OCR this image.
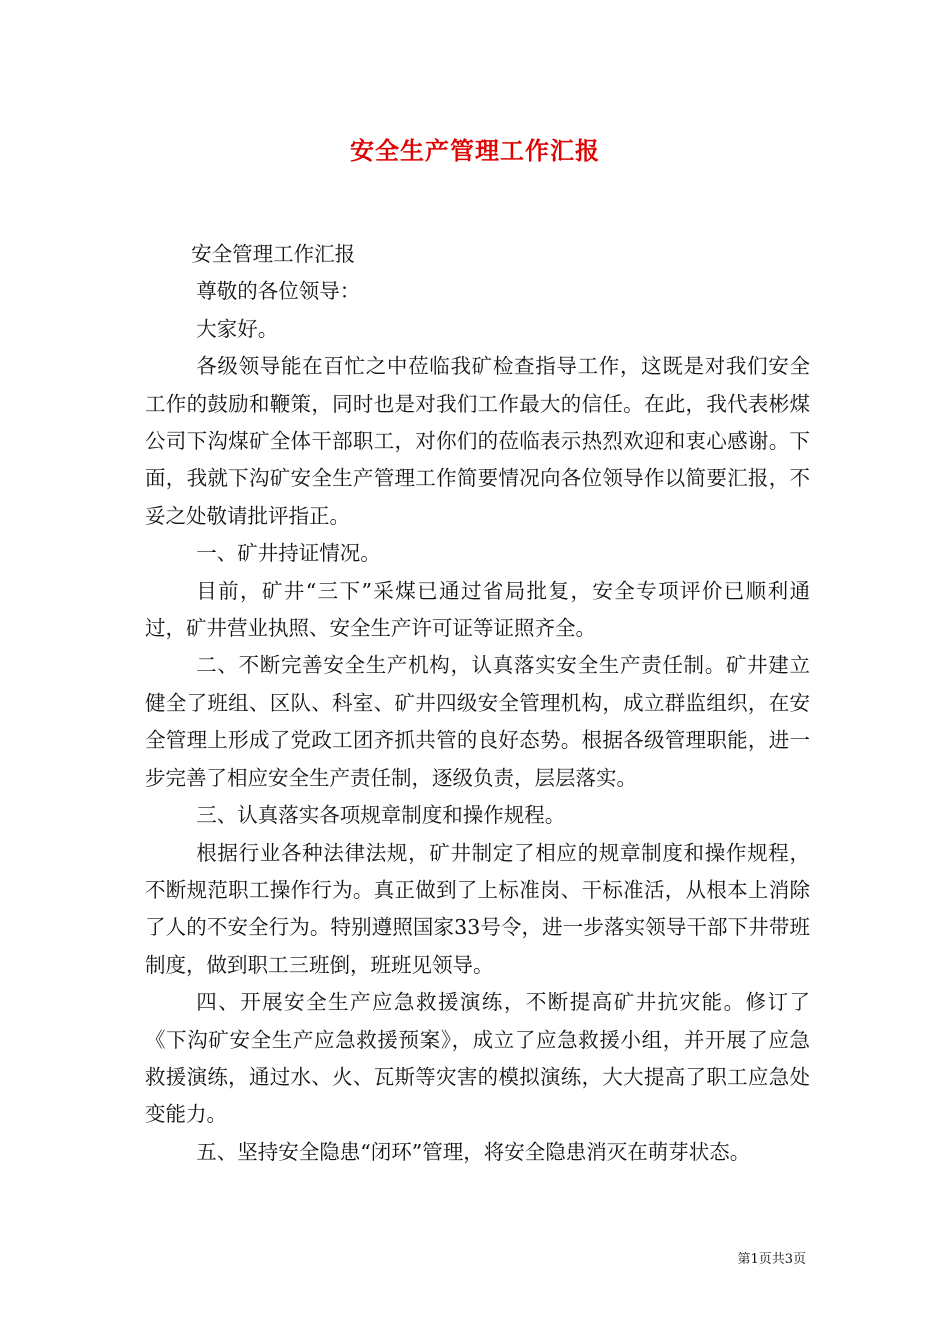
安全生产管理工作汇报

安全管理工作汇报

尊敬的各位领导：

大家好。

各级领导能在百忙之中莅临我矿检查指导工作，这既是对我们安全工作的鼓励和鞭策，同时也是对我们工作最大的信任。在此，我代表彬煤公司下沟煤矿全体干部职工，对你们的莅临表示热烈欢迎和衷心感谢。下面，我就下沟矿安全生产管理工作简要情况向各位领导作以简要汇报，不妥之处敬请批评指正。

一、矿井持证情况。

目前，矿井“三下”采煤已通过省局批复，安全专项评价已顺利通过，矿井营业执照、安全生产许可证等证照齐全。

二、不断完善安全生产机构，认真落实安全生产责任制。矿井建立健全了班组、区队、科室、矿井四级安全管理机构，成立群监组织，在安全管理上形成了党政工团齐抓共管的良好态势。根据各级管理职能，进一步完善了相应安全生产责任制，逐级负责，层层落实。

三、认真落实各项规章制度和操作规程。

根据行业各种法律法规，矿井制定了相应的规章制度和操作规程，不断规范职工操作行为。真正做到了上标准岗、干标准活，从根本上消除了人的不安全行为。特别遵照国家33号令，进一步落实领导干部下井带班制度，做到职工三班倒，班班见领导。

四、开展安全生产应急救援演练，不断提高矿井抗灾能。修订了《下沟矿安全生产应急救援预案》，成立了应急救援小组，并开展了应急救援演练，通过水、火、瓦斯等灾害的模拟演练，大大提高了职工应急处变能力。

五、坚持安全隐患“闭环”管理，将安全隐患消灭在萌芽状态。

第1页共3页
